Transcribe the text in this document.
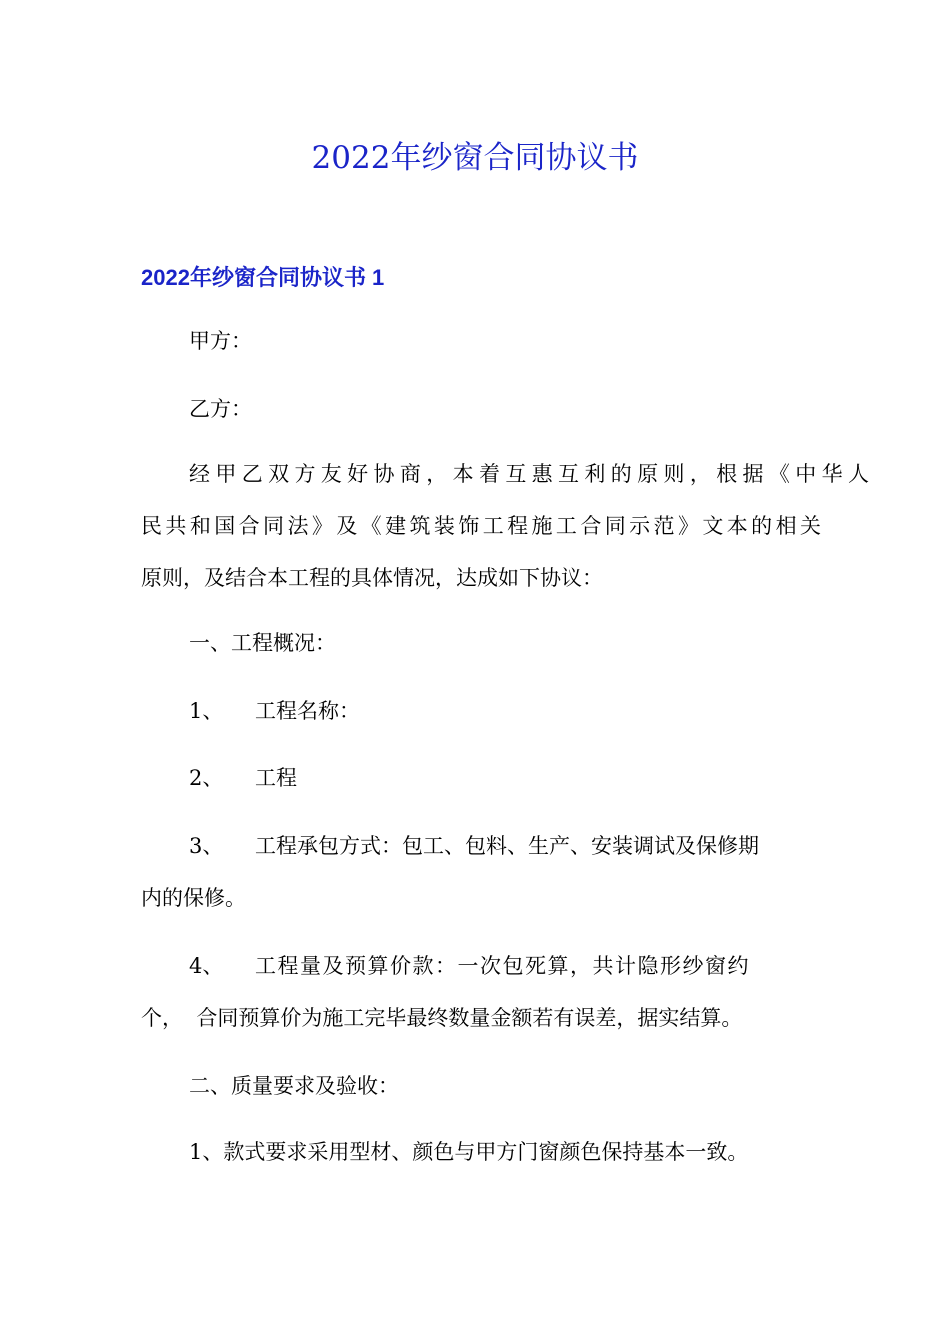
2022年纱窗合同协议书
2022年纱窗合同协议书 1

甲方：

乙方：

经甲乙双方友好协商，本着互惠互利的原则，根据《中华人

民共和国合同法》及《建筑装饰工程施工合同示范》文本的相关

原则，及结合本工程的具体情况，达成如下协议：

一、工程概况：

1、 工程名称：

2、 工程

3、 工程承包方式：包工、包料、生产、安装调试及保修期

内的保修。

4、 工程量及预算价款：一次包死算，共计隐形纱窗约

个，  合同预算价为施工完毕最终数量金额若有误差，据实结算。

二、质量要求及验收：

1、款式要求采用型材、颜色与甲方门窗颜色保持基本一致。
